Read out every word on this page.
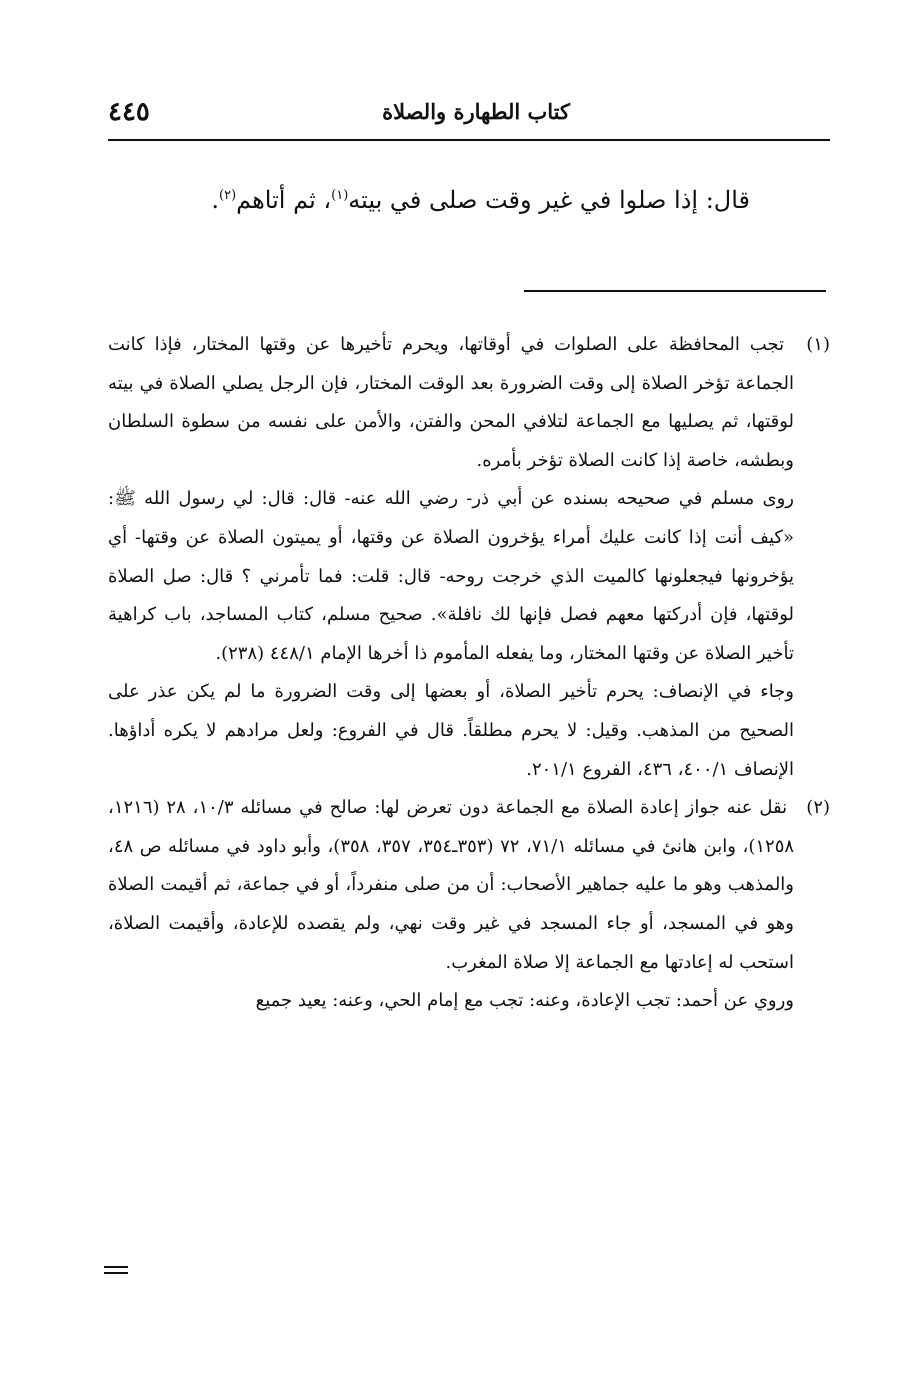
٤٤٥	كتاب الطهارة والصلاة
قال: إذا صلوا في غير وقت صلى في بيته$^{(١)}$، ثم أتاهم$^{(٢)}$.

(١) تجب المحافظة على الصلوات في أوقاتها، ويحرم تأخيرها عن وقتها المختار، فإذا كانت الجماعة تؤخر الصلاة إلى وقت الضرورة بعد الوقت المختار، فإن الرجل يصلي الصلاة في بيته لوقتها، ثم يصليها مع الجماعة لتلافي المحن والفتن، والأمن على نفسه من سطوة السلطان وبطشه، خاصة إذا كانت الصلاة تؤخر بأمره.

روى مسلم في صحيحه بسنده عن أبي ذر- رضي الله عنه- قال: قال: لي رسول الله ﷺ: «كيف أنت إذا كانت عليك أمراء يؤخرون الصلاة عن وقتها، أو يميتون الصلاة عن وقتها- أي يؤخرونها فيجعلونها كالميت الذي خرجت روحه- قال: قلت: فما تأمرني ؟ قال: صل الصلاة لوقتها، فإن أدركتها معهم فصل فإنها لك نافلة». صحيح مسلم، كتاب المساجد، باب كراهية تأخير الصلاة عن وقتها المختار، وما يفعله المأموم ذا أخرها الإمام ٤٤٨/١ (٢٣٨).

وجاء في الإنصاف: يحرم تأخير الصلاة، أو بعضها إلى وقت الضرورة ما لم يكن عذر على الصحيح من المذهب. وقيل: لا يحرم مطلقاً. قال في الفروع: ولعل مرادهم لا يكره أداؤها. الإنصاف ٤٠٠/١، ٤٣٦، الفروع ٢٠١/١.

(٢) نقل عنه جواز إعادة الصلاة مع الجماعة دون تعرض لها: صالح في مسائله ١٠/٣، ٢٨ (١٢١٦، ١٢٥٨)، وابن هانئ في مسائله ٧١/١، ٧٢ (٣٥٣ـ٣٥٤، ٣٥٧، ٣٥٨)، وأبو داود في مسائله ص ٤٨، والمذهب وهو ما عليه جماهير الأصحاب: أن من صلى منفرداً، أو في جماعة، ثم أقيمت الصلاة وهو في المسجد، أو جاء المسجد في غير وقت نهي، ولم يقصده للإعادة، وأقيمت الصلاة، استحب له إعادتها مع الجماعة إلا صلاة المغرب.

وروي عن أحمد: تجب الإعادة، وعنه: تجب مع إمام الحي، وعنه: يعيد جميع
